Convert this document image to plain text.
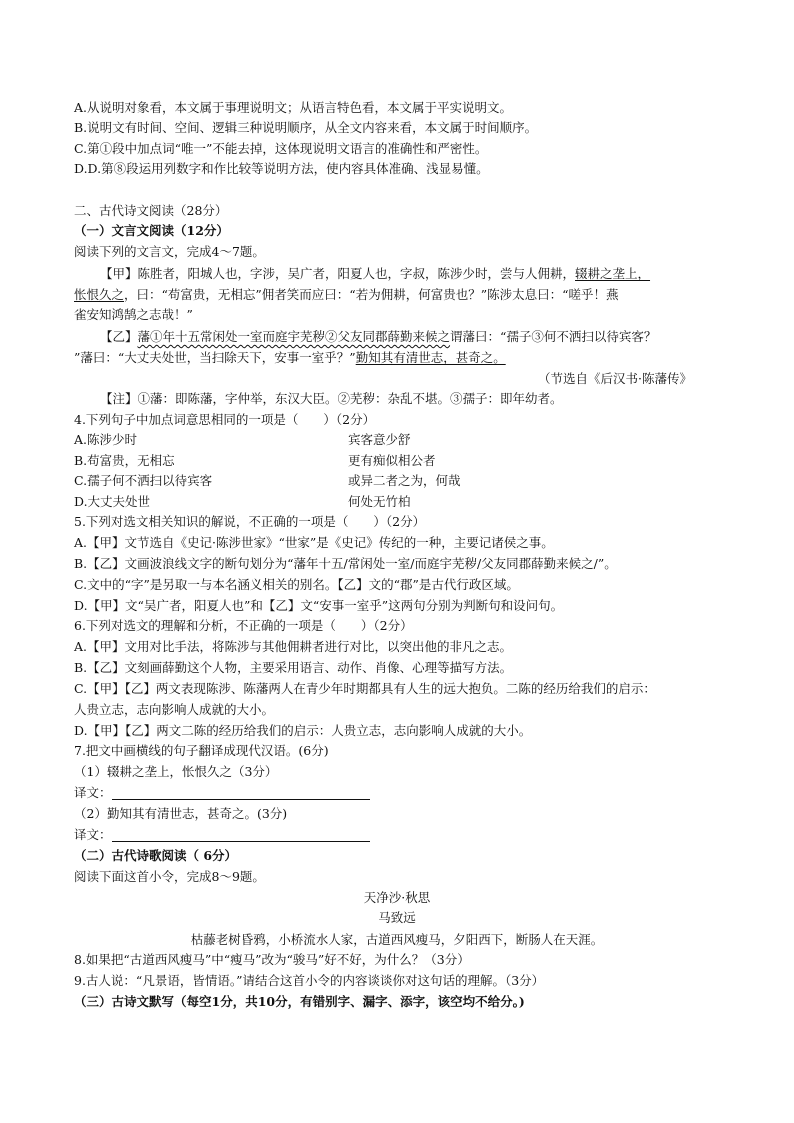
A.从说明对象看，本文属于事理说明文；从语言特色看，本文属于平实说明文。
B.说明文有时间、空间、逻辑三种说明顺序，从全文内容来看，本文属于时间顺序。
C.第①段中加点词“唯一”不能去掉，这体现说明文语言的准确性和严密性。
D.D.第⑧段运用列数字和作比较等说明方法，使内容具体准确、浅显易懂。
二、古代诗文阅读（28分）
（一）文言文阅读（12分）
阅读下列的文言文，完成4～7题。
【甲】陈胜者，阳城人也，字涉，吴广者，阳夏人也，字叔，陈涉少时，尝与人佣耕，辍耕之垄上，
怅恨久之，曰：“苟富贵，无相忘”佣者笑而应曰：“若为佣耕，何富贵也？”陈涉太息曰：“嗟乎！燕
雀安知鸿鹄之志哉！”
【乙】藩①年十五常闲处一室而庭宇芜秽②父友同郡薛勤来候之谓藩曰：“孺子③何不洒扫以待宾客？
”藩曰：“大丈夫处世，当扫除天下，安事一室乎？”勤知其有清世志，甚奇之。
（节选自《后汉书·陈藩传》
【注】①藩：即陈藩，字仲举，东汉大臣。②芜秽：杂乱不堪。③孺子：即年幼者。
4.下列句子中加点词意思相同的一项是（　　）（2分）
A.陈涉少时	宾客意少舒
B.苟富贵，无相忘	更有痴似相公者
C.孺子何不洒扫以待宾客	或异二者之为，何哉
D.大丈夫处世	何处无竹柏
5.下列对选文相关知识的解说，不正确的一项是（　　）（2分）
A.【甲】文节选自《史记·陈涉世家》“世家”是《史记》传纪的一种，主要记诸侯之事。
B.【乙】文画波浪线文字的断句划分为“藩年十五/常闲处一室/而庭宇芜秽/父友同郡薛勤来候之/”。
C.文中的“字”是另取一与本名涵义相关的别名。【乙】文的“郡”是古代行政区域。
D.【甲】文“吴广者，阳夏人也”和【乙】文“安事一室乎”这两句分别为判断句和设问句。
6.下列对选文的理解和分析，不正确的一项是（　　）（2分）
A.【甲】文用对比手法，将陈涉与其他佣耕者进行对比，以突出他的非凡之志。
B.【乙】文刻画薛勤这个人物，主要采用语言、动作、肖像、心理等描写方法。
C.【甲】【乙】两文表现陈涉、陈藩两人在青少年时期都具有人生的远大抱负。二陈的经历给我们的启示：
人贵立志，志向影响人成就的大小。
D.【甲】【乙】两文二陈的经历给我们的启示：人贵立志，志向影响人成就的大小。
7.把文中画横线的句子翻译成现代汉语。(6分)
（1）辍耕之垄上，怅恨久之（3分）
译文：
（2）勤知其有清世志，甚奇之。(3分)
译文：
（二）古代诗歌阅读（ 6分）
阅读下面这首小令，完成8～9题。
天净沙·秋思
马致远
枯藤老树昏鸦，小桥流水人家，古道西风瘦马，夕阳西下，断肠人在天涯。
8.如果把“古道西风瘦马”中“瘦马”改为“骏马”好不好，为什么？（3分）
9.古人说：“凡景语，皆情语。”请结合这首小令的内容谈谈你对这句话的理解。（3分）
（三）古诗文默写（每空1分，共10分，有错别字、漏字、添字，该空均不给分。)
